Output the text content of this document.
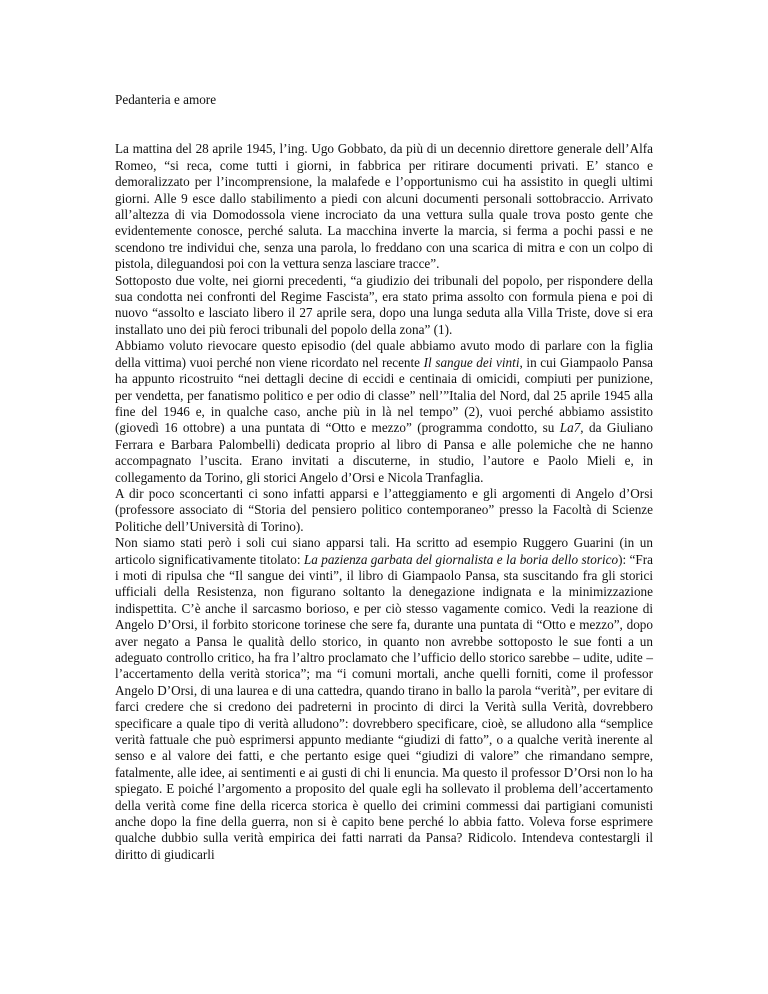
Pedanteria e amore

La mattina del 28 aprile 1945, l’ing. Ugo Gobbato, da più di un decennio direttore generale dell’Alfa Romeo, “si reca, come tutti i giorni, in fabbrica per ritirare documenti privati. E’ stanco e demoralizzato per l’incomprensione, la malafede e l’opportunismo cui ha assistito in quegli ultimi giorni. Alle 9 esce dallo stabilimento a piedi con alcuni documenti personali sottobraccio. Arrivato all’altezza di via Domodossola viene incrociato da una vettura sulla quale trova posto gente che evidentemente conosce, perché saluta. La macchina inverte la marcia, si ferma a pochi passi e ne scendono tre individui che, senza una parola, lo freddano con una scarica di mitra e con un colpo di pistola, dileguandosi poi con la vettura senza lasciare tracce”.

Sottoposto due volte, nei giorni precedenti, “a giudizio dei tribunali del popolo, per rispondere della sua condotta nei confronti del Regime Fascista”, era stato prima assolto con formula piena e poi di nuovo “assolto e lasciato libero il 27 aprile sera, dopo una lunga seduta alla Villa Triste, dove si era installato uno dei più feroci tribunali del popolo della zona” (1).

Abbiamo voluto rievocare questo episodio (del quale abbiamo avuto modo di parlare con la figlia della vittima) vuoi perché non viene ricordato nel recente Il sangue dei vinti, in cui Giampaolo Pansa ha appunto ricostruito “nei dettagli decine di eccidi e centinaia di omicidi, compiuti per punizione, per vendetta, per fanatismo politico e per odio di classe” nell’”Italia del Nord, dal 25 aprile 1945 alla fine del 1946 e, in qualche caso, anche più in là nel tempo” (2), vuoi perché abbiamo assistito (giovedì 16 ottobre) a una puntata di “Otto e mezzo” (programma condotto, su La7, da Giuliano Ferrara e Barbara Palombelli) dedicata proprio al libro di Pansa e alle polemiche che ne hanno accompagnato l’uscita. Erano invitati a discuterne, in studio, l’autore e Paolo Mieli e, in collegamento da Torino, gli storici Angelo d’Orsi e Nicola Tranfaglia.

A dir poco sconcertanti ci sono infatti apparsi e l’atteggiamento e gli argomenti di Angelo d’Orsi (professore associato di “Storia del pensiero politico contemporaneo” presso la Facoltà di Scienze Politiche dell’Università di Torino).

Non siamo stati però i soli cui siano apparsi tali. Ha scritto ad esempio Ruggero Guarini (in un articolo significativamente titolato: La pazienza garbata del giornalista e la boria dello storico): “Fra i moti di ripulsa che “Il sangue dei vinti”, il libro di Giampaolo Pansa, sta suscitando fra gli storici ufficiali della Resistenza, non figurano soltanto la denegazione indignata e la minimizzazione indispettita. C’è anche il sarcasmo borioso, e per ciò stesso vagamente comico. Vedi la reazione di Angelo D’Orsi, il forbito storicone torinese che sere fa, durante una puntata di “Otto e mezzo”, dopo aver negato a Pansa le qualità dello storico, in quanto non avrebbe sottoposto le sue fonti a un adeguato controllo critico, ha fra l’altro proclamato che l’ufficio dello storico sarebbe – udite, udite – l’accertamento della verità storica”; ma “i comuni mortali, anche quelli forniti, come il professor Angelo D’Orsi, di una laurea e di una cattedra, quando tirano in ballo la parola “verità”, per evitare di farci credere che si credono dei padreterni in procinto di dirci la Verità sulla Verità, dovrebbero specificare a quale tipo di verità alludono”: dovrebbero specificare, cioè, se alludono alla “semplice verità fattuale che può esprimersi appunto mediante “giudizi di fatto”, o a qualche verità inerente al senso e al valore dei fatti, e che pertanto esige quei “giudizi di valore” che rimandano sempre, fatalmente, alle idee, ai sentimenti e ai gusti di chi li enuncia. Ma questo il professor D’Orsi non lo ha spiegato. E poiché l’argomento a proposito del quale egli ha sollevato il problema dell’accertamento della verità come fine della ricerca storica è quello dei crimini commessi dai partigiani comunisti anche dopo la fine della guerra, non si è capito bene perché lo abbia fatto. Voleva forse esprimere qualche dubbio sulla verità empirica dei fatti narrati da Pansa? Ridicolo. Intendeva contestargli il diritto di giudicarli
